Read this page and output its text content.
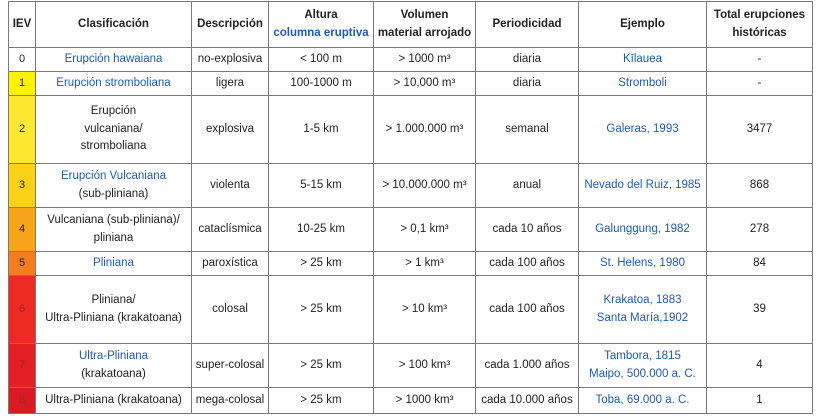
IEV	Clasificación	Descripción	Altura
columna eruptiva	Volumen
material arrojado	Periodicidad	Ejemplo	Total erupciones
históricas

0	Erupción hawaiana	no-explosiva	< 100 m	> 1000 m³	diaria	Kīlauea	-
1	Erupción stromboliana	ligera	100-1000 m	> 10,000 m³	diaria	Stromboli	-
2	Erupción
vulcaniana/
stromboliana	explosiva	1-5 km	> 1.000.000 m³	semanal	Galeras, 1993	3477
3	Erupción Vulcaniana
(sub-pliniana)	violenta	5-15 km	> 10.000.000 m³	anual	Nevado del Ruiz, 1985	868
4	Vulcaniana (sub-pliniana)/
pliniana	cataclísmica	10-25 km	> 0,1 km³	cada 10 años	Galunggung, 1982	278
5	Pliniana	paroxística	> 25 km	> 1 km³	cada 100 años	St. Helens, 1980	84
6	Pliniana/
Ultra-Pliniana (krakatoana)	colosal	> 25 km	> 10 km³	cada 100 años	Krakatoa, 1883
Santa María,1902	39
7	Ultra-Pliniana
(krakatoana)	super-colosal	> 25 km	> 100 km³	cada 1.000 años	Tambora, 1815
Maipo, 500.000 a. C.	4
8	Ultra-Pliniana (krakatoana)	mega-colosal	> 25 km	> 1000 km³	cada 10.000 años	Toba, 69.000 a. C.	1
